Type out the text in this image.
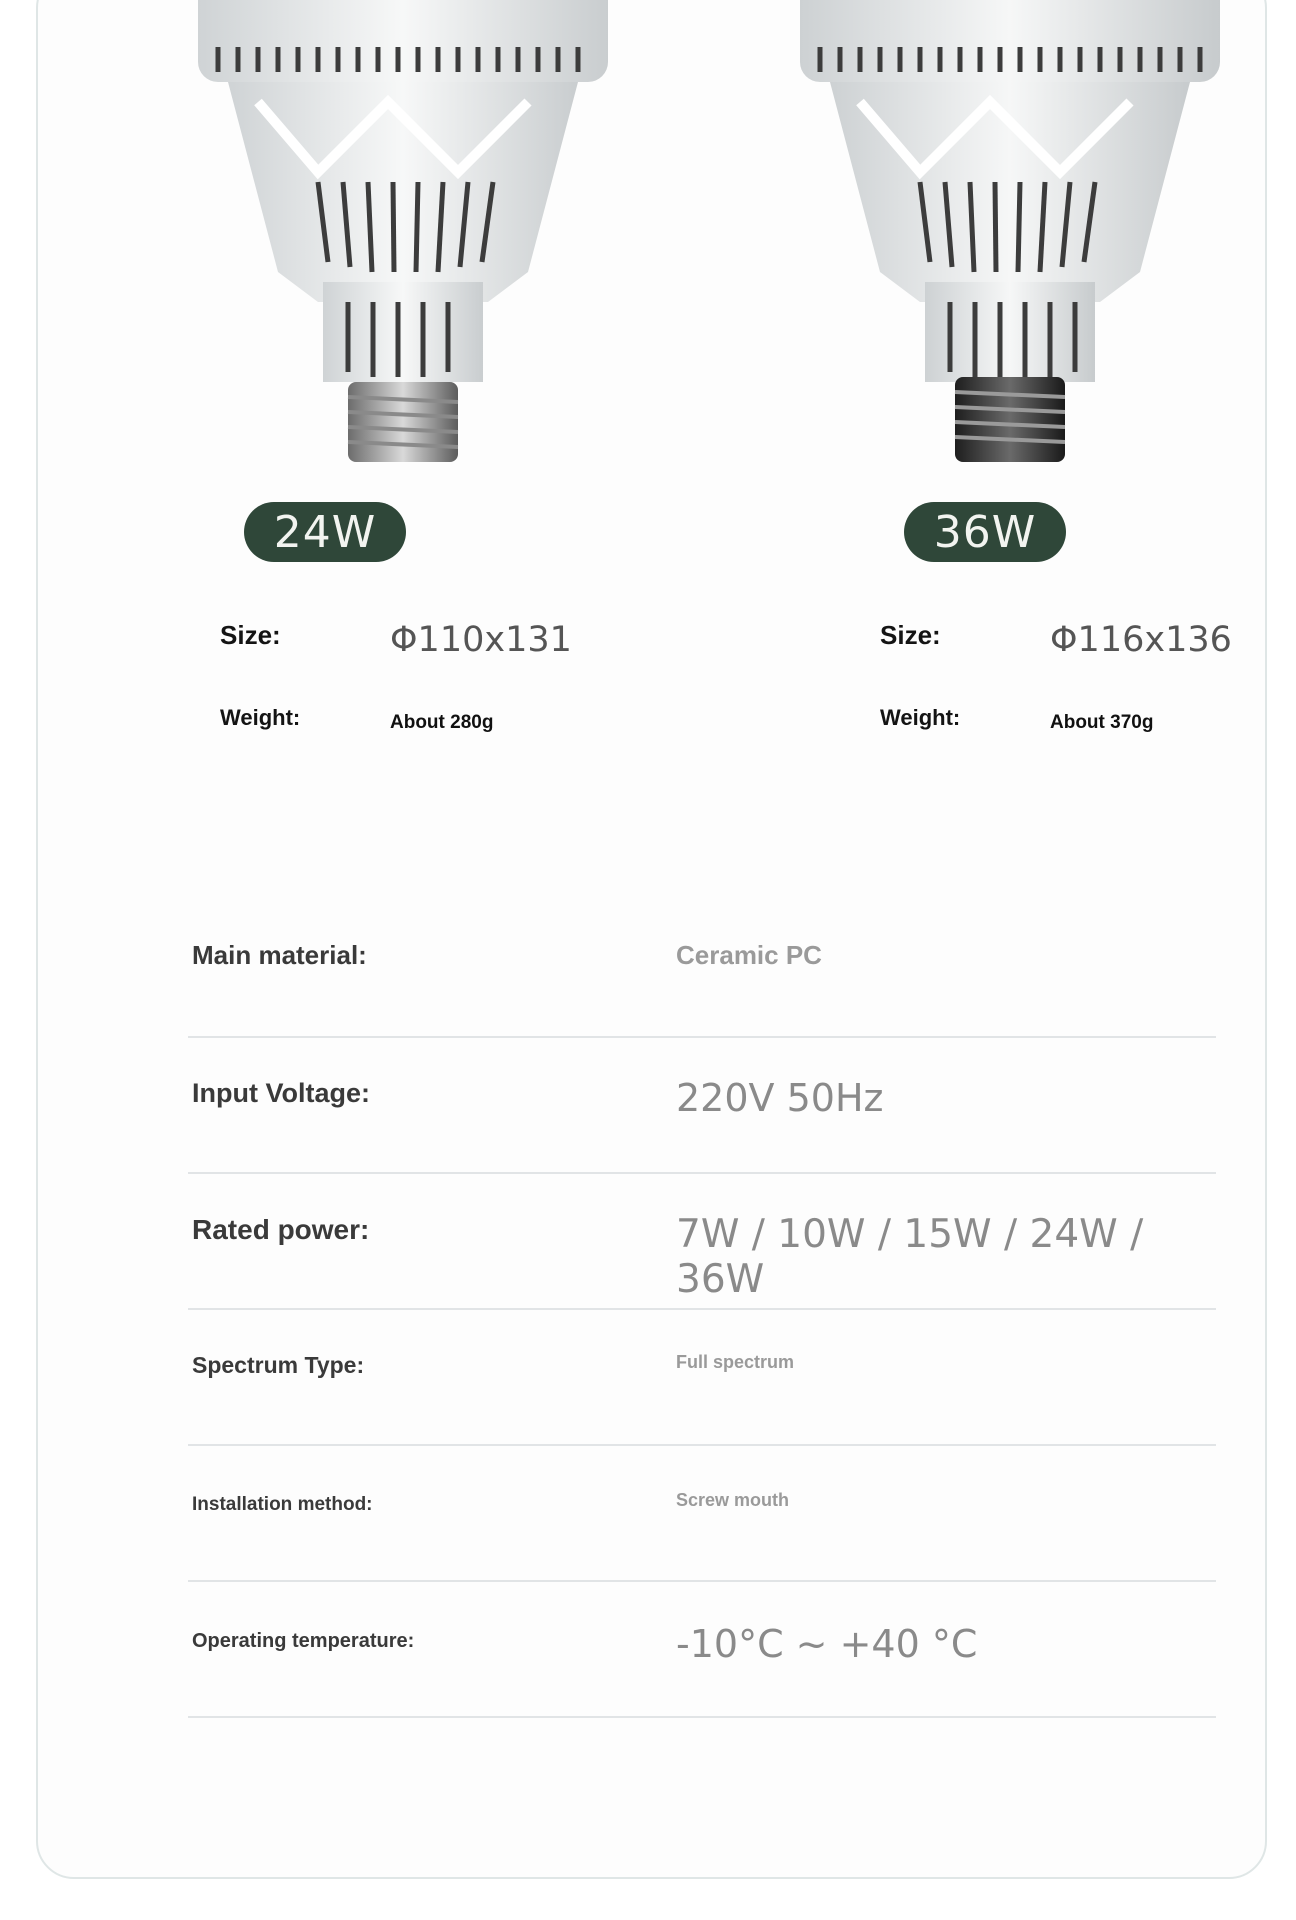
24W	36W
Size:	Φ110x131
Weight:	About 280g
Size:	Φ116x136
Weight:	About 370g
Main material:	Ceramic PC
Input Voltage:	220V 50Hz
Rated power:	7W / 10W / 15W / 24W / 36W
Spectrum Type:	Full spectrum
Installation method:	Screw mouth
Operating temperature:	-10°C ~ +40 °C
